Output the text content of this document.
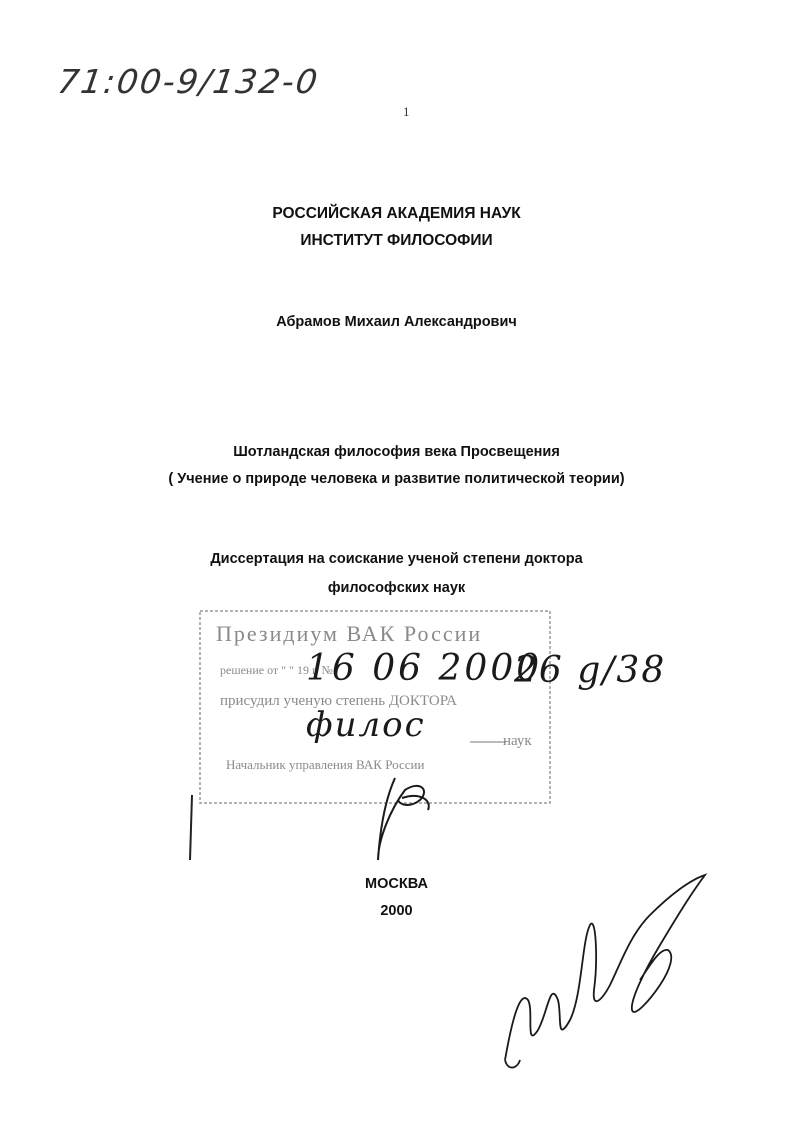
71:00-9/132-0
1
РОССИЙСКАЯ АКАДЕМИЯ НАУК
ИНСТИТУТ ФИЛОСОФИИ
Абрамов Михаил Александрович
Шотландская философия века Просвещения
( Учение о природе человека и развитие политической теории)
Диссертация на соискание ученой степени доктора
философских наук
Президиум ВАК России
решение от " " 19 г. №
присудил ученую степень ДОКТОРА
наук
Начальник управления ВАК России
16 06 2000
26 g/38
филос
МОСКВА
2000
